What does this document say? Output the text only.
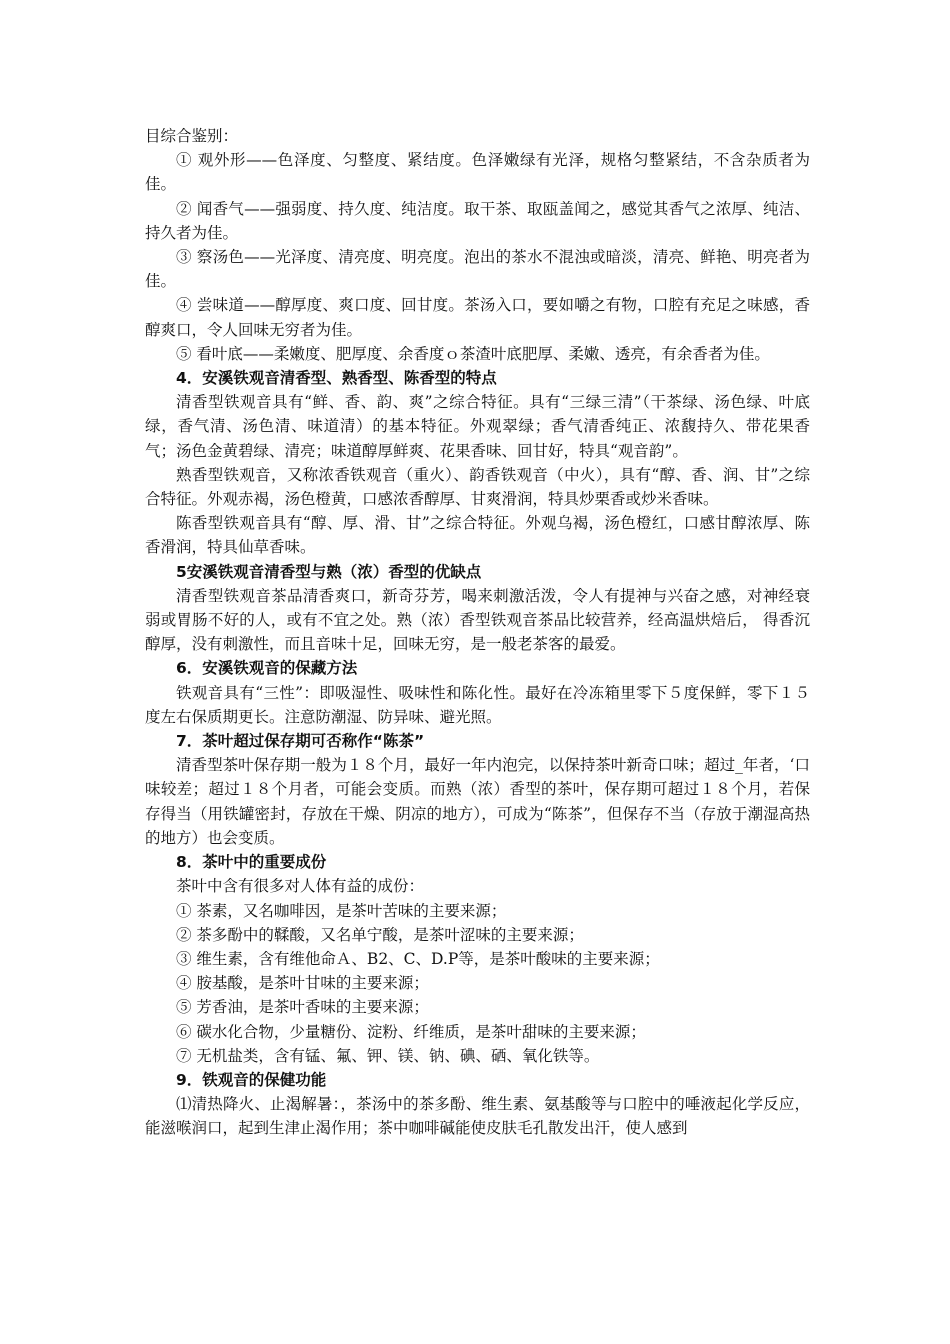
目综合鉴别：

① 观外形——色泽度、匀整度、紧结度。色泽嫩绿有光泽，规格匀整紧结，不含杂质者为佳。

② 闻香气——强弱度、持久度、纯洁度。取干茶、取瓯盖闻之，感觉其香气之浓厚、纯洁、持久者为佳。

③ 察汤色——光泽度、清亮度、明亮度。泡出的茶水不混浊或暗淡，清亮、鲜艳、明亮者为佳。

④ 尝味道——醇厚度、爽口度、回甘度。茶汤入口，要如嚼之有物，口腔有充足之味感，香醇爽口，令人回味无穷者为佳。

⑤ 看叶底——柔嫩度、肥厚度、余香度ｏ茶渣叶底肥厚、柔嫩、透亮，有余香者为佳。

4．安溪铁观音清香型、熟香型、陈香型的特点

清香型铁观音具有“鲜、香、韵、爽”之综合特征。具有“三绿三清”（干茶绿、汤色绿、叶底绿，香气清、汤色清、味道清）的基本特征。外观翠绿；香气清香纯正、浓馥持久、带花果香气；汤色金黄碧绿、清亮；味道醇厚鲜爽、花果香味、回甘好，特具“观音韵”。

熟香型铁观音，又称浓香铁观音（重火）、韵香铁观音（中火），具有“醇、香、润、甘”之综合特征。外观赤褐，汤色橙黄，口感浓香醇厚、甘爽滑润，特具炒栗香或炒米香味。

陈香型铁观音具有“醇、厚、滑、甘”之综合特征。外观乌褐，汤色橙红，口感甘醇浓厚、陈香滑润，特具仙草香味。

5安溪铁观音清香型与熟（浓）香型的优缺点

清香型铁观音茶品清香爽口，新奇芬芳，喝来刺激活泼，令人有提神与兴奋之感，对神经衰弱或胃肠不好的人，或有不宜之处。熟（浓）香型铁观音茶品比较营养，经高温烘焙后， 得香沉醇厚，没有刺激性，而且音味十足，回味无穷，是一般老茶客的最爱。

6．安溪铁观音的保藏方法

铁观音具有“三性”：即吸湿性、吸味性和陈化性。最好在冷冻箱里零下５度保鲜，零下１５度左右保质期更长。注意防潮湿、防异味、避光照。

7．茶叶超过保存期可否称作“陈茶”

清香型茶叶保存期一般为１８个月，最好一年内泡完，以保持茶叶新奇口味；超过_年者，‘口味较差；超过１８个月者，可能会变质。而熟（浓）香型的茶叶，保存期可超过１８个月，若保存得当（用铁罐密封，存放在干燥、阴凉的地方），可成为“陈茶”，但保存不当（存放于潮湿高热的地方）也会变质。

8．茶叶中的重要成份

茶叶中含有很多对人体有益的成份：

① 茶素，又名咖啡因，是茶叶苦味的主要来源；

② 茶多酚中的鞣酸，又名单宁酸，是茶叶涩味的主要来源；

③ 维生素，含有维他命Ａ、B2、C、D.P等，是茶叶酸味的主要来源；

④ 胺基酸，是茶叶甘味的主要来源；

⑤ 芳香油，是茶叶香味的主要来源；

⑥ 碳水化合物，少量糖份、淀粉、纤维质，是茶叶甜味的主要来源；

⑦ 无机盐类，含有锰、氟、钾、镁、钠、碘、硒、氧化铁等。

9．铁观音的保健功能

⑴清热降火、止渴解暑：，茶汤中的茶多酚、维生素、氨基酸等与口腔中的唾液起化学反应，能滋喉润口，起到生津止渴作用；茶中咖啡碱能使皮肤毛孔散发出汗，使人感到
